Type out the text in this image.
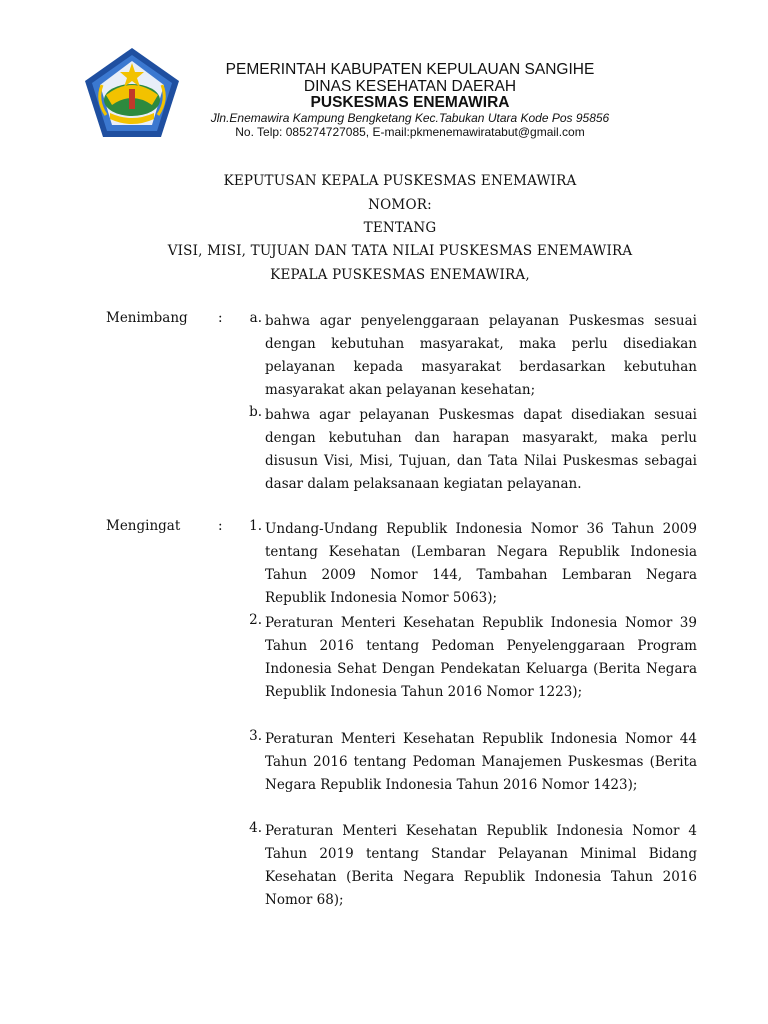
PEMERINTAH KABUPATEN KEPULAUAN SANGIHE
DINAS KESEHATAN DAERAH
PUSKESMAS ENEMAWIRA
Jln.Enemawira Kampung Bengketang Kec.Tabukan Utara Kode Pos 95856
No. Telp: 085274727085, E-mail:pkmenemawiratabut@gmail.com
KEPUTUSAN KEPALA PUSKESMAS ENEMAWIRA
NOMOR:
TENTANG
VISI, MISI, TUJUAN DAN TATA NILAI PUSKESMAS ENEMAWIRA
KEPALA PUSKESMAS ENEMAWIRA,
Menimbang :	a. bahwa agar penyelenggaraan pelayanan Puskesmas sesuai dengan kebutuhan masyarakat, maka perlu disediakan pelayanan kepada masyarakat berdasarkan kebutuhan masyarakat akan pelayanan kesehatan;
b. bahwa agar pelayanan Puskesmas dapat disediakan sesuai dengan kebutuhan dan harapan masyarakt, maka perlu disusun Visi, Misi, Tujuan, dan Tata Nilai Puskesmas sebagai dasar dalam pelaksanaan kegiatan pelayanan.
Mengingat	:	1. Undang-Undang Republik Indonesia Nomor 36 Tahun 2009 tentang Kesehatan (Lembaran Negara Republik Indonesia Tahun 2009 Nomor 144, Tambahan Lembaran Negara Republik Indonesia Nomor 5063);
2. Peraturan Menteri Kesehatan Republik Indonesia Nomor 39 Tahun 2016 tentang Pedoman Penyelenggaraan Program Indonesia Sehat Dengan Pendekatan Keluarga (Berita Negara Republik Indonesia Tahun 2016 Nomor 1223);
3. Peraturan Menteri Kesehatan Republik Indonesia Nomor 44 Tahun 2016 tentang Pedoman Manajemen Puskesmas (Berita Negara Republik Indonesia Tahun 2016 Nomor 1423);
4. Peraturan Menteri Kesehatan Republik Indonesia Nomor 4 Tahun 2019 tentang Standar Pelayanan Minimal Bidang Kesehatan (Berita Negara Republik Indonesia Tahun 2016 Nomor 68);
